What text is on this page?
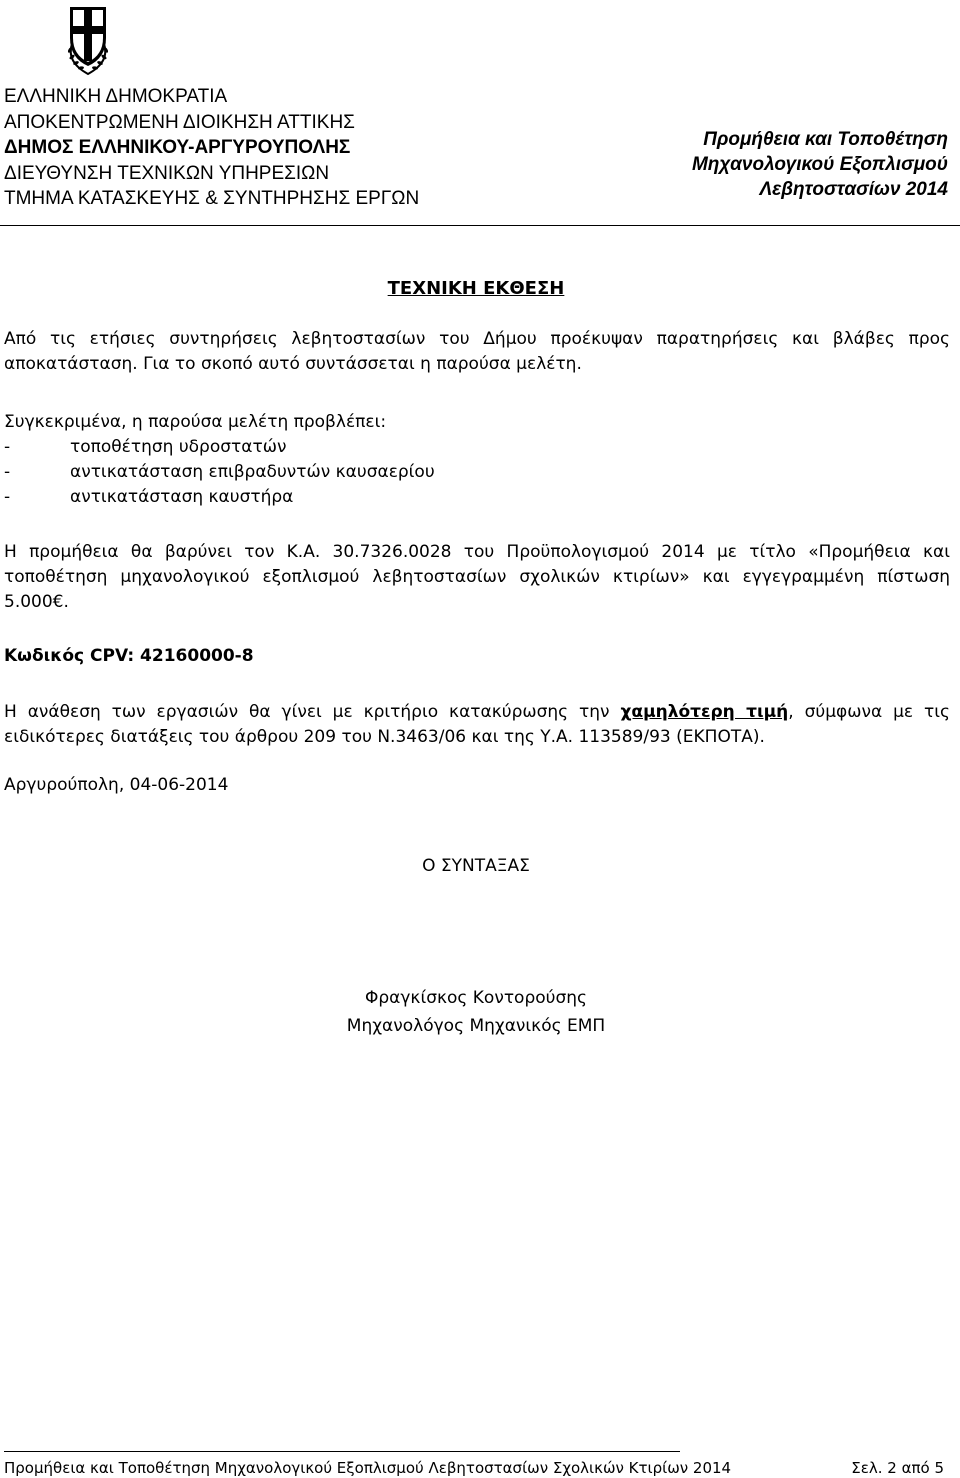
ΕΛΛΗΝΙΚΗ ΔΗΜΟΚΡΑΤΙΑ
ΑΠΟΚΕΝΤΡΩΜΕΝΗ ΔΙΟΙΚΗΣΗ ΑΤΤΙΚΗΣ
ΔΗΜΟΣ ΕΛΛΗΝΙΚΟΥ-ΑΡΓΥΡΟΥΠΟΛΗΣ
ΔΙΕΥΘΥΝΣΗ ΤΕΧΝΙΚΩΝ ΥΠΗΡΕΣΙΩΝ
ΤΜΗΜΑ ΚΑΤΑΣΚΕΥΗΣ & ΣΥΝΤΗΡΗΣΗΣ ΕΡΓΩΝ
Προμήθεια και Τοποθέτηση
Μηχανολογικού Εξοπλισμού
Λεβητοστασίων 2014
ΤΕΧΝΙΚΗ ΕΚΘΕΣΗ
Από τις ετήσιες συντηρήσεις λεβητοστασίων του Δήμου προέκυψαν παρατηρήσεις και βλάβες προς αποκατάσταση. Για το σκοπό αυτό συντάσσεται η παρούσα μελέτη.
Συγκεκριμένα, η παρούσα μελέτη προβλέπει:
-	τοποθέτηση υδροστατών
-	αντικατάσταση επιβραδυντών καυσαερίου
-	αντικατάσταση καυστήρα
Η προμήθεια θα βαρύνει τον Κ.Α. 30.7326.0028 του Προϋπολογισμού 2014 με τίτλο «Προμήθεια και τοποθέτηση μηχανολογικού εξοπλισμού λεβητοστασίων σχολικών κτιρίων» και εγγεγραμμένη πίστωση 5.000€.
Κωδικός CPV: 42160000-8
Η ανάθεση των εργασιών θα γίνει με κριτήριο κατακύρωσης την χαμηλότερη τιμή, σύμφωνα με τις ειδικότερες διατάξεις του άρθρου 209 του Ν.3463/06 και της Υ.Α. 113589/93 (ΕΚΠΟΤΑ).
Αργυρούπολη, 04-06-2014
Ο ΣΥΝΤΑΞΑΣ
Φραγκίσκος Κοντορούσης
Μηχανολόγος Μηχανικός ΕΜΠ
Προμήθεια και Τοποθέτηση Μηχανολογικού Εξοπλισμού Λεβητοστασίων Σχολικών Κτιρίων 2014	Σελ. 2 από 5
